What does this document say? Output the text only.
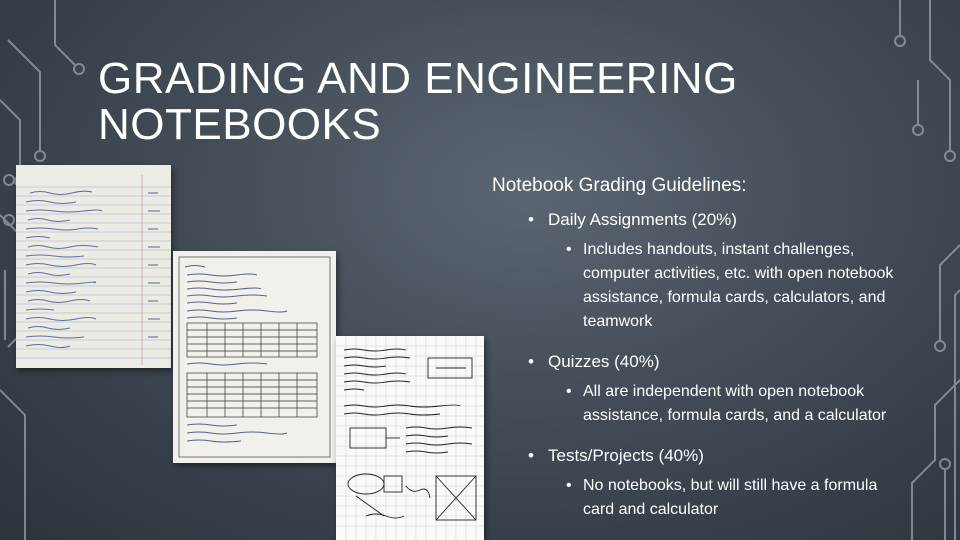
GRADING AND ENGINEERING
NOTEBOOKS
Notebook Grading Guidelines:
• Daily Assignments (20%)
• Includes handouts, instant challenges, computer activities, etc. with open notebook assistance, formula cards, calculators, and teamwork
• Quizzes (40%)
• All are independent with open notebook assistance, formula cards, and a calculator
• Tests/Projects (40%)
• No notebooks, but will still have a formula card and calculator
